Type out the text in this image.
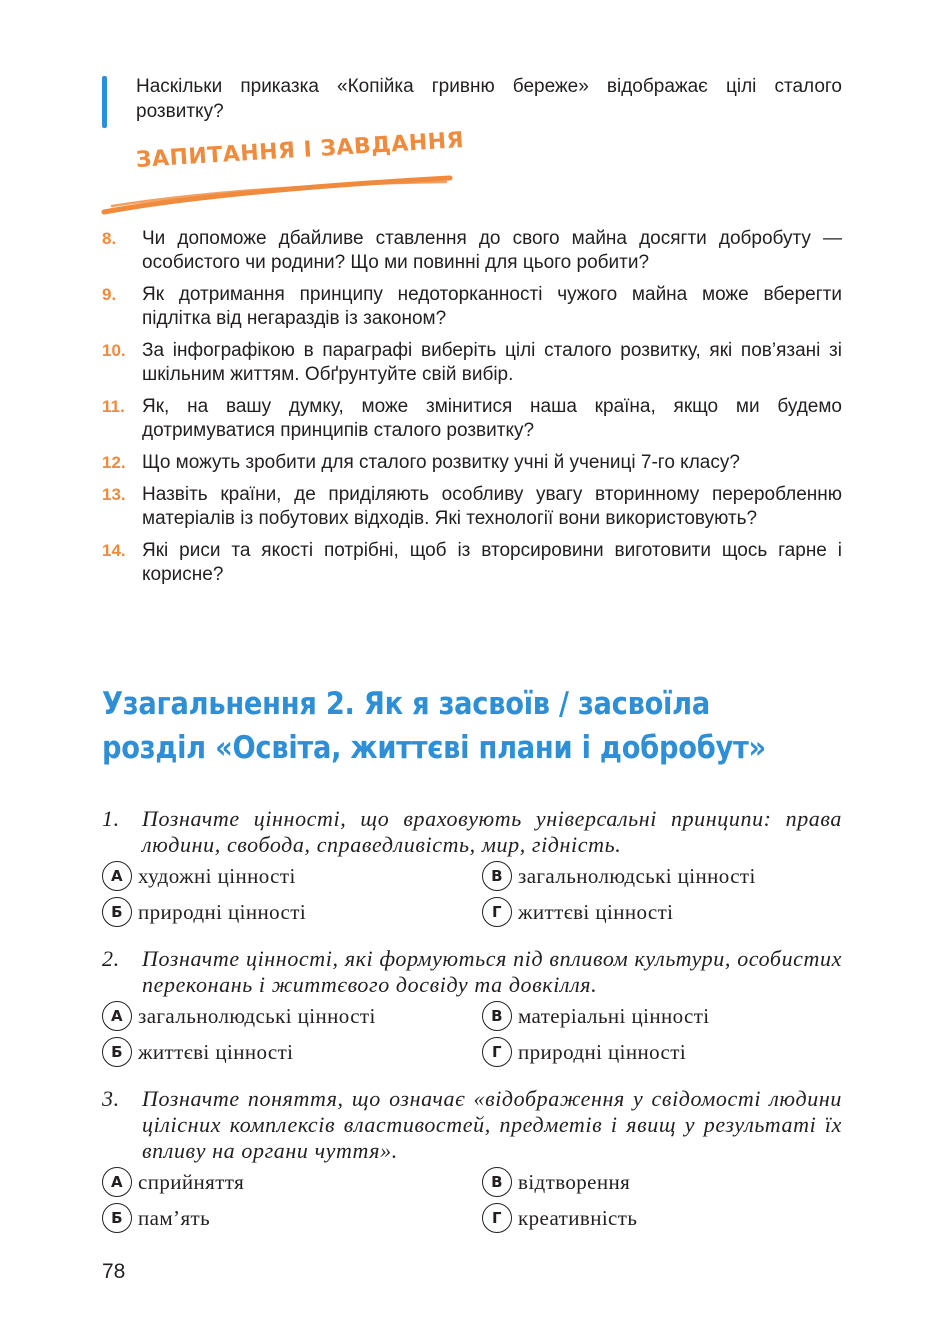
Наскільки приказка «Копійка гривню береже» відображає цілі сталого розвитку?

ЗАПИТАННЯ І ЗАВДАННЯ
8.	Чи допоможе дбайливе ставлення до свого майна досягти добробуту — особистого чи родини? Що ми повинні для цього робити?
9.	Як дотримання принципу недоторканності чужого майна може вберегти підлітка від негараздів із законом?
10. За інфографікою в параграфі виберіть цілі сталого розвитку, які пов’язані зі шкільним життям. Обґрунтуйте свій вибір.
11. Як, на вашу думку, може змінитися наша країна, якщо ми будемо дотримуватися принципів сталого розвитку?
12. Що можуть зробити для сталого розвитку учні й учениці 7-го класу?
13. Назвіть країни, де приділяють особливу увагу вторинному переробленню матеріалів із побутових відходів. Які технології вони використовують?
14. Які риси та якості потрібні, щоб із вторсировини виготовити щось гарне і корисне?
Узагальнення 2. Як я засвоїв / засвоїла розділ «Освіта, життєві плани і добробут»
1.	Позначте цінності, що враховують універсальні принципи: права людини, свобода, справедливість, мир, гідність.
А художні цінності	В загальнолюдські цінності
Б природні цінності	Г життєві цінності
2.	Позначте цінності, які формуються під впливом культури, особистих переконань і життєвого досвіду та довкілля.
А загальнолюдські цінності	В матеріальні цінності
Б життєві цінності	Г природні цінності
3.	Позначте поняття, що означає «відображення у свідомості людини цілісних комплексів властивостей, предметів і явищ у результаті їх впливу на органи чуття».
А сприйняття	В відтворення
Б пам’ять	Г креативність
78
